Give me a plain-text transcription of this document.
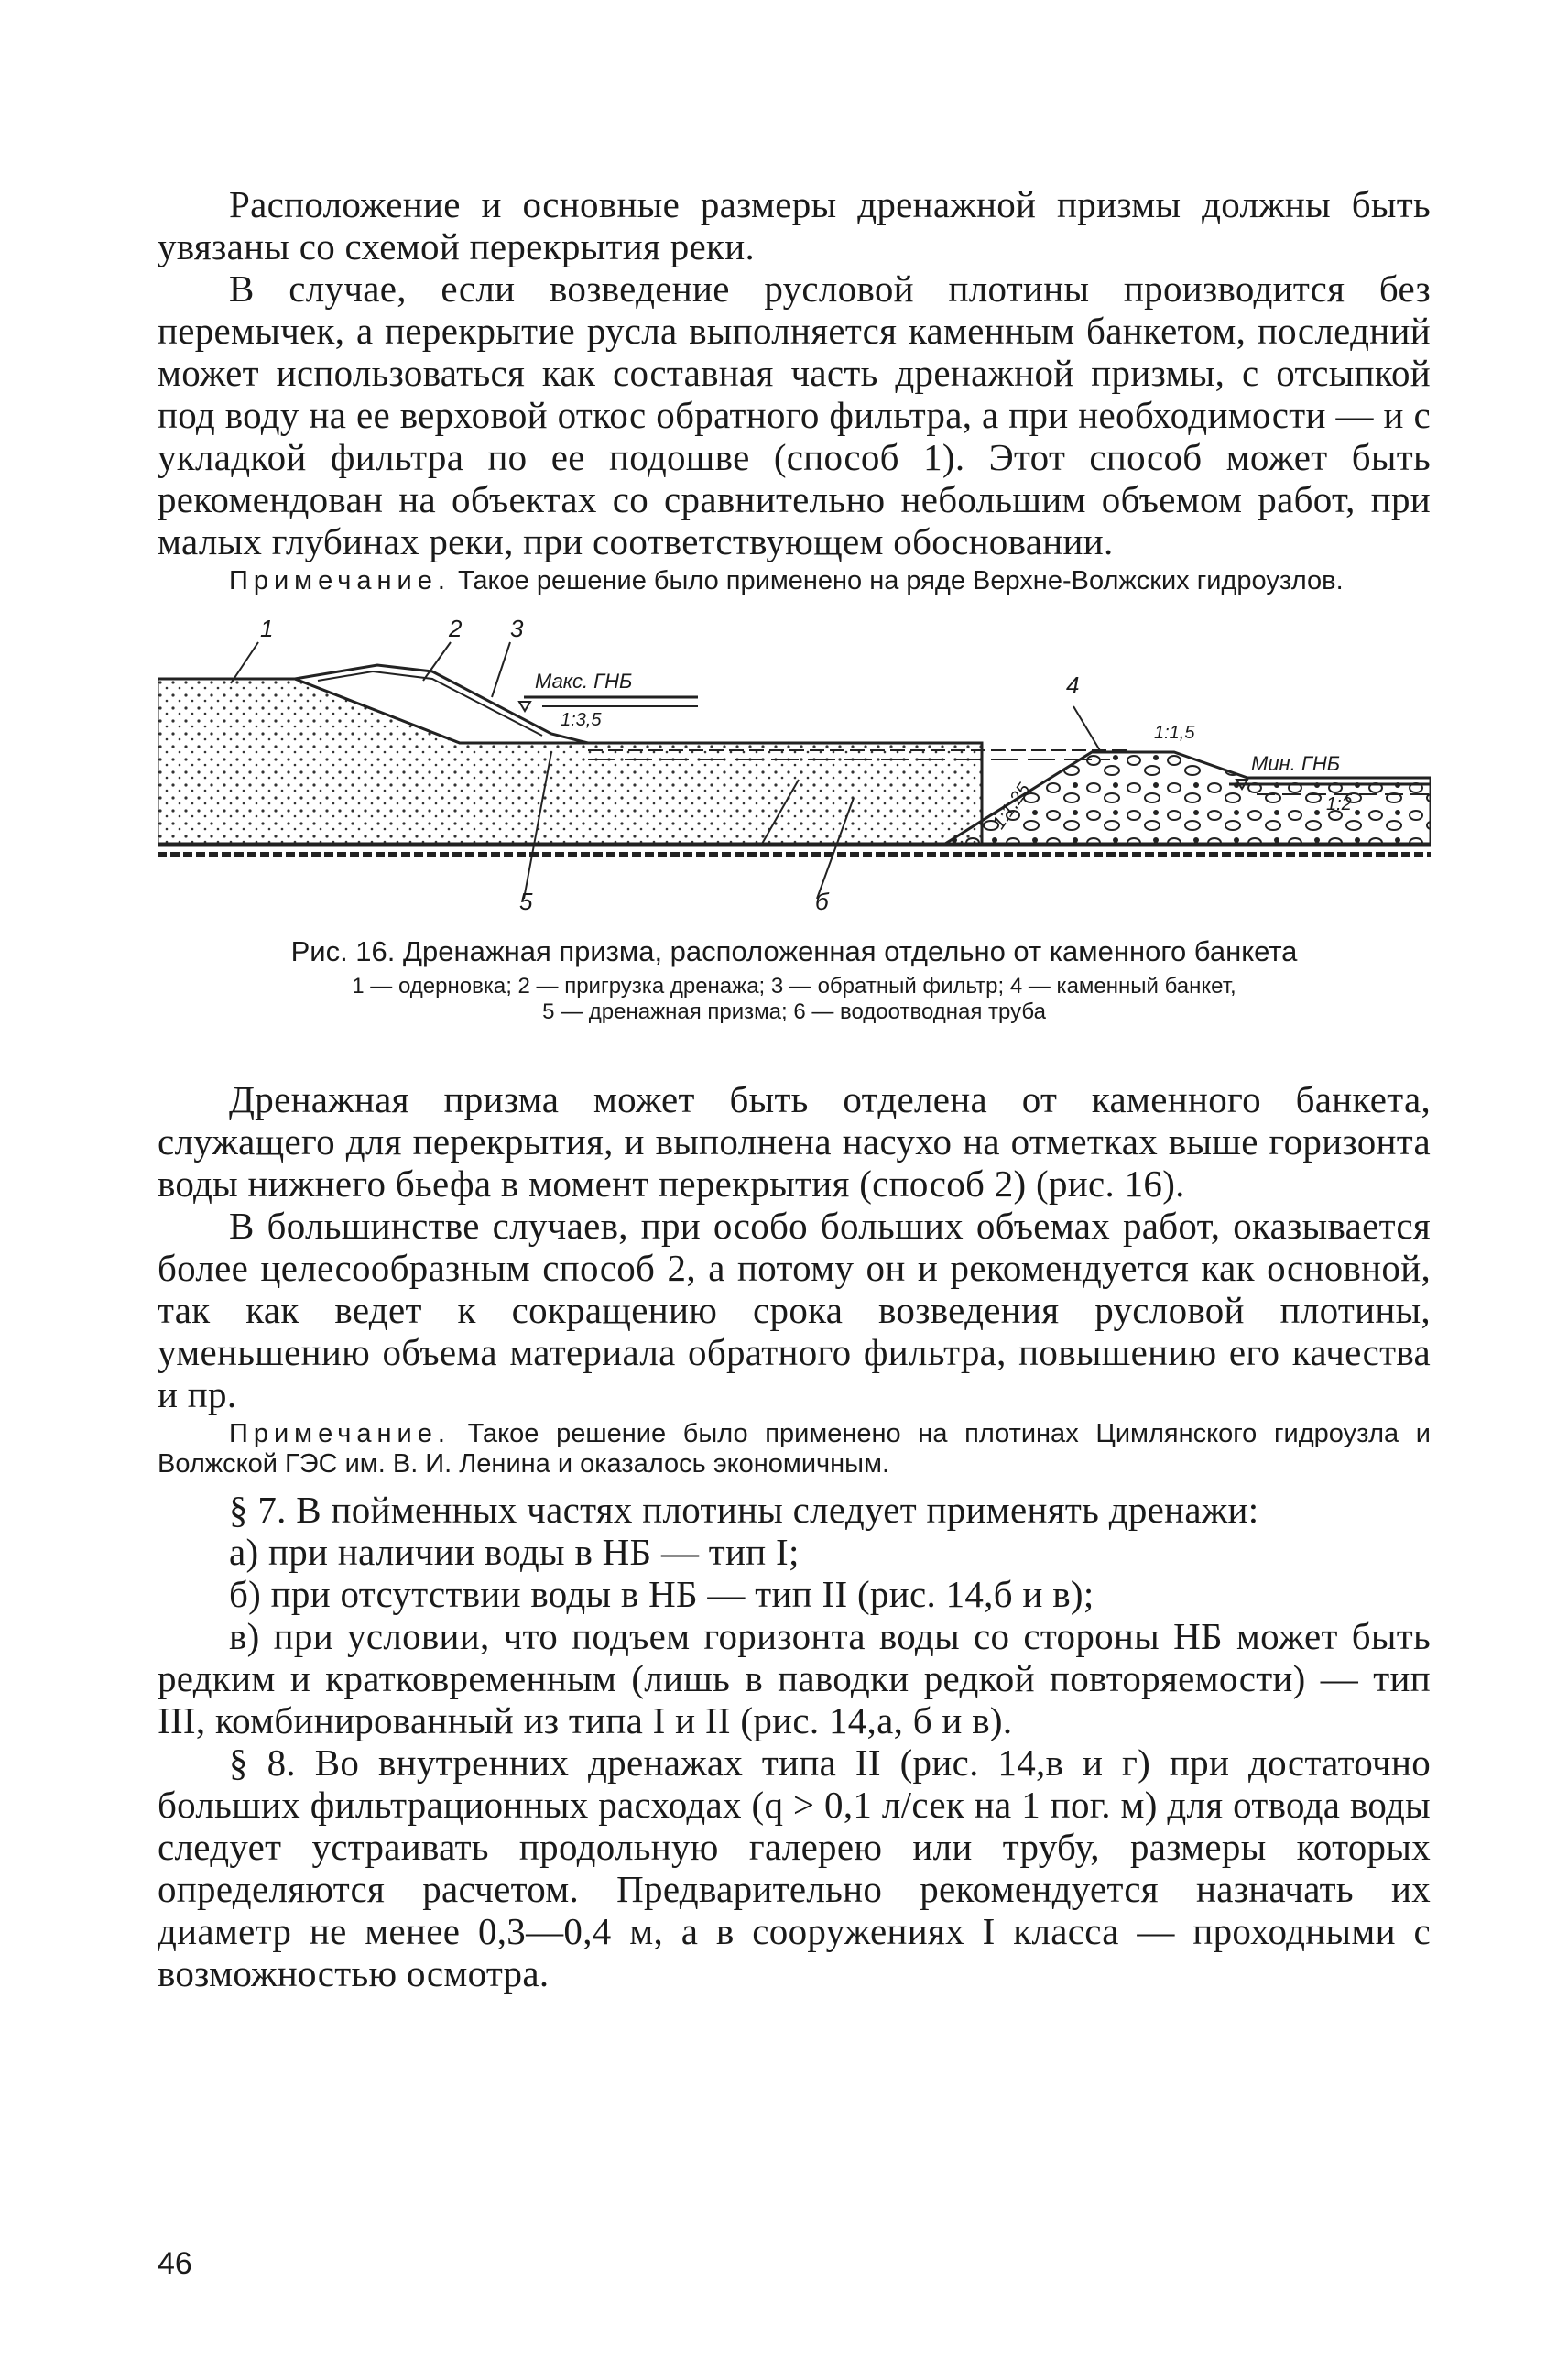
Расположение и основные размеры дренажной призмы должны быть увязаны со схемой перекрытия реки.

В случае, если возведение русловой плотины производится без перемычек, а перекрытие русла выполняется каменным банкетом, последний может использоваться как составная часть дренажной призмы, с отсыпкой под воду на ее верховой откос обратного фильтра, а при необходимости — и с укладкой фильтра по ее подошве (способ 1). Этот способ может быть рекомендован на объектах со сравнительно небольшим объемом работ, при малых глубинах реки, при соответствующем обосновании.

Примечание. Такое решение было применено на ряде Верхне-Волжских гидроузлов.

1	2 3
4
5	б
Макс. ГНБ
Мин. ГНБ
1:3,5
1:1,25
1:1,5
1:2

Рис. 16. Дренажная призма, расположенная отдельно от каменного банкета

1 — одерновка; 2 — пригрузка дренажа; 3 — обратный фильтр; 4 — каменный банкет,
5 — дренажная призма; 6 — водоотводная труба

Дренажная призма может быть отделена от каменного банкета, служащего для перекрытия, и выполнена насухо на отметках выше горизонта воды нижнего бьефа в момент перекрытия (способ 2) (рис. 16).

В большинстве случаев, при особо больших объемах работ, оказывается более целесообразным способ 2, а потому он и рекомендуется как основной, так как ведет к сокращению срока возведения русловой плотины, уменьшению объема материала обратного фильтра, повышению его качества и пр.

Примечание. Такое решение было применено на плотинах Цимлянского гидроузла и Волжской ГЭС им. В. И. Ленина и оказалось экономичным.

§ 7. В пойменных частях плотины следует применять дренажи:

а) при наличии воды в НБ — тип I;

б) при отсутствии воды в НБ — тип II (рис. 14,б и в);

в) при условии, что подъем горизонта воды со стороны НБ может быть редким и кратковременным (лишь в паводки редкой повторяемости) — тип III, комбинированный из типа I и II (рис. 14,а, б и в).

§ 8. Во внутренних дренажах типа II (рис. 14,в и г) при достаточно больших фильтрационных расходах (q > 0,1 л/сек на 1 пог. м) для отвода воды следует устраивать продольную галерею или трубу, размеры которых определяются расчетом. Предварительно рекомендуется назначать их диаметр не менее 0,3—0,4 м, а в сооружениях I класса — проходными с возможностью осмотра.

46
